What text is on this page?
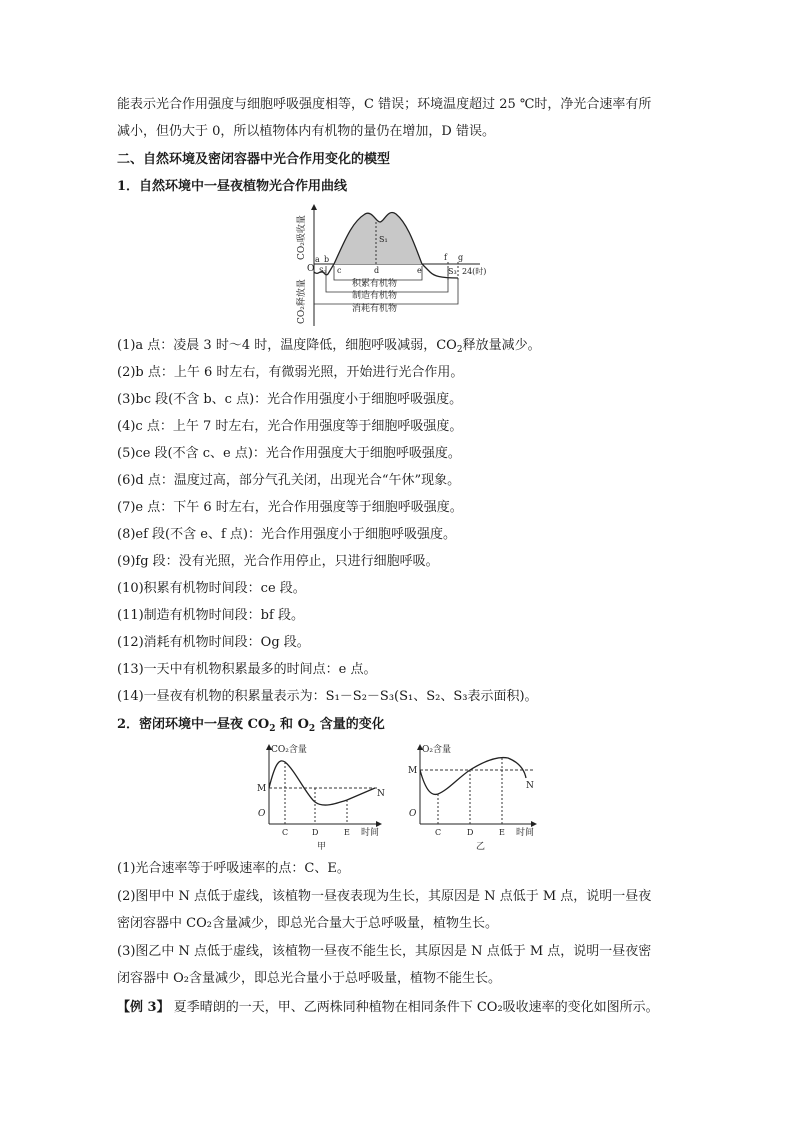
能表示光合作用强度与细胞呼吸强度相等，C 错误；环境温度超过 25 ℃时，净光合速率有所
减小，但仍大于 0，所以植物体内有机物的量仍在增加，D 错误。
二、自然环境及密闭容器中光合作用变化的模型
1．自然环境中一昼夜植物光合作用曲线
CO₂吸收量
CO₂释放量
O
a b
c	d	e
f g
S₁
S₂	S₃ 24(时)
积累有机物
制造有机物
消耗有机物
(1)a 点：凌晨 3 时～4 时，温度降低，细胞呼吸减弱，$CO_2$释放量减少。
(2)b 点：上午 6 时左右，有微弱光照，开始进行光合作用。
(3)bc 段(不含 b、c 点)：光合作用强度小于细胞呼吸强度。
(4)c 点：上午 7 时左右，光合作用强度等于细胞呼吸强度。
(5)ce 段(不含 c、e 点)：光合作用强度大于细胞呼吸强度。
(6)d 点：温度过高，部分气孔关闭，出现光合“午休”现象。
(7)e 点：下午 6 时左右，光合作用强度等于细胞呼吸强度。
(8)ef 段(不含 e、f 点)：光合作用强度小于细胞呼吸强度。
(9)fg 段：没有光照，光合作用停止，只进行细胞呼吸。
(10)积累有机物时间段：ce 段。
(11)制造有机物时间段：bf 段。
(12)消耗有机物时间段：Og 段。
(13)一天中有机物积累最多的时间点：e 点。
(14)一昼夜有机物的积累量表示为：S₁－S₂－S₃(S₁、S₂、S₃表示面积)。
2．密闭环境中一昼夜 $CO_2$ 和 $O_2$ 含量的变化
CO₂含量
M	N
O
C	D	E 时间
甲
O₂含量
M
N
O
C	D	E 时间
乙
(1)光合速率等于呼吸速率的点：C、E。
(2)图甲中 N 点低于虚线，该植物一昼夜表现为生长，其原因是 N 点低于 M 点，说明一昼夜
密闭容器中 CO₂含量减少，即总光合量大于总呼吸量，植物生长。
(3)图乙中 N 点低于虚线，该植物一昼夜不能生长，其原因是 N 点低于 M 点，说明一昼夜密
闭容器中 O₂含量减少，即总光合量小于总呼吸量，植物不能生长。
【例 3】 夏季晴朗的一天，甲、乙两株同种植物在相同条件下 CO₂吸收速率的变化如图所示。
